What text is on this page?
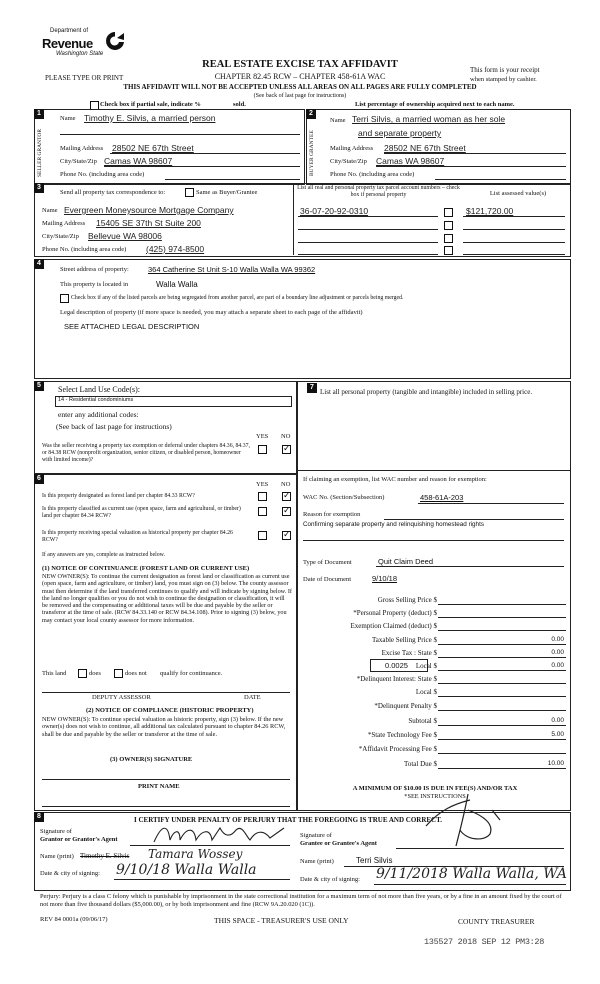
Department of
Revenue
Washington State
PLEASE TYPE OR PRINT
REAL ESTATE EXCISE TAX AFFIDAVIT
CHAPTER 82.45 RCW – CHAPTER 458-61A WAC
THIS AFFIDAVIT WILL NOT BE ACCEPTED UNLESS ALL AREAS ON ALL PAGES ARE FULLY COMPLETED
(See back of last page for instructions)
This form is your receipt
when stamped by cashier.
Check box if partial sale, indicate %	sold.	List percentage of ownership acquired next to each name.
1	2
SELLER GRANTOR	BUYER GRANTEE
Name Timothy E. Silvis, a married person
Mailing Address 28502 NE 67th Street
City/State/Zip Camas WA 98607
Phone No. (including area code)
Name Terri Silvis, a married woman as her sole
and separate property
Mailing Address 28502 NE 67th Street
City/State/Zip Camas WA 98607
Phone No. (including area code)
3
Send all property tax correspondence to:	Same as Buyer/Grantee
Name Evergreen Moneysource Mortgage Company
Mailing Address 15405 SE 37th St Suite 200
City/State/Zip Bellevue WA 98006
Phone No. (including area code) (425) 974-8500
List all real and personal property tax parcel account numbers – check box if personal property	List assessed value(s)
36-07-20-92-0310	$121,720.00
4
Street address of property:	364 Catherine St Unit S-10 Walla Walla WA 99362
This property is located in	Walla Walla
Check box if any of the listed parcels are being segregated from another parcel, are part of a boundary line adjustment or parcels being merged.
Legal description of property (if more space is needed, you may attach a separate sheet to each page of the affidavit)
SEE ATTACHED LEGAL DESCRIPTION
5	Select Land Use Code(s):
14 - Residential condominiums
enter any additional codes:
(See back of last page for instructions)
YES NO
Was the seller receiving a property tax exemption or deferral under chapters 84.36, 84.37, or 84.38 RCW (nonprofit organization, senior citizen, or disabled person, homeowner with limited income)?
✓
6
YES NO
Is this property designated as forest land per chapter 84.33 RCW?
✓
Is this property classified as current use (open space, farm and agricultural, or timber) land per chapter 84.34 RCW?
✓
Is this property receiving special valuation as historical property per chapter 84.26 RCW?
✓
If any answers are yes, complete as instructed below.
(1) NOTICE OF CONTINUANCE (FOREST LAND OR CURRENT USE)
NEW OWNER(S): To continue the current designation as forest land or classification as current use (open space, farm and agriculture, or timber) land, you must sign on (3) below. The county assessor must then determine if the land transferred continues to qualify and will indicate by signing below. If the land no longer qualifies or you do not wish to continue the designation or classification, it will be removed and the compensating or additional taxes will be due and payable by the seller or transferor at the time of sale. (RCW 84.33.140 or RCW 84.34.108). Prior to signing (3) below, you may contact your local county assessor for more information.
This land	does	does not qualify for continuance.
DEPUTY ASSESSOR	DATE
(2) NOTICE OF COMPLIANCE (HISTORIC PROPERTY)
NEW OWNER(S): To continue special valuation as historic property, sign (3) below. If the new owner(s) does not wish to continue, all additional tax calculated pursuant to chapter 84.26 RCW, shall be due and payable by the seller or transferor at the time of sale.
(3) OWNER(S) SIGNATURE
PRINT NAME
7
List all personal property (tangible and intangible) included in selling price.
If claiming an exemption, list WAC number and reason for exemption:
WAC No. (Section/Subsection)	458-61A-203
Reason for exemption
Confirming separate property and relinquishing homestead rights
Type of Document	Quit Claim Deed
Date of Document	9/10/18
Gross Selling Price $
*Personal Property (deduct) $
Exemption Claimed (deduct) $
Taxable Selling Price $	0.00
Excise Tax : State $	0.00
0.0025	Local $	0.00
*Delinquent Interest: State $
Local $
*Delinquent Penalty $
Subtotal $	0.00
*State Technology Fee $	5.00
*Affidavit Processing Fee $
Total Due $	10.00
A MINIMUM OF $10.00 IS DUE IN FEE(S) AND/OR TAX
*SEE INSTRUCTIONS
8	I CERTIFY UNDER PENALTY OF PERJURY THAT THE FOREGOING IS TRUE AND CORRECT.
Signature of
Grantor or Grantor's Agent
Name (print) Timothy E. Silvis Tamara Wossey
Date & city of signing: 9/10/18 Walla Walla
Signature of
Grantee or Grantee's Agent
Name (print)	Terri Silvis
Date & city of signing: 9/11/2018 Walla Walla, WA
Perjury: Perjury is a class C felony which is punishable by imprisonment in the state correctional institution for a maximum term of not more than five years, or by a fine in an amount fixed by the court of not more than five thousand dollars ($5,000.00), or by both imprisonment and fine (RCW 9A.20.020 (1C)).
REV 84 0001a (09/06/17)	THIS SPACE - TREASURER'S USE ONLY	COUNTY TREASURER
135527 2018 SEP 12 PM3:28
